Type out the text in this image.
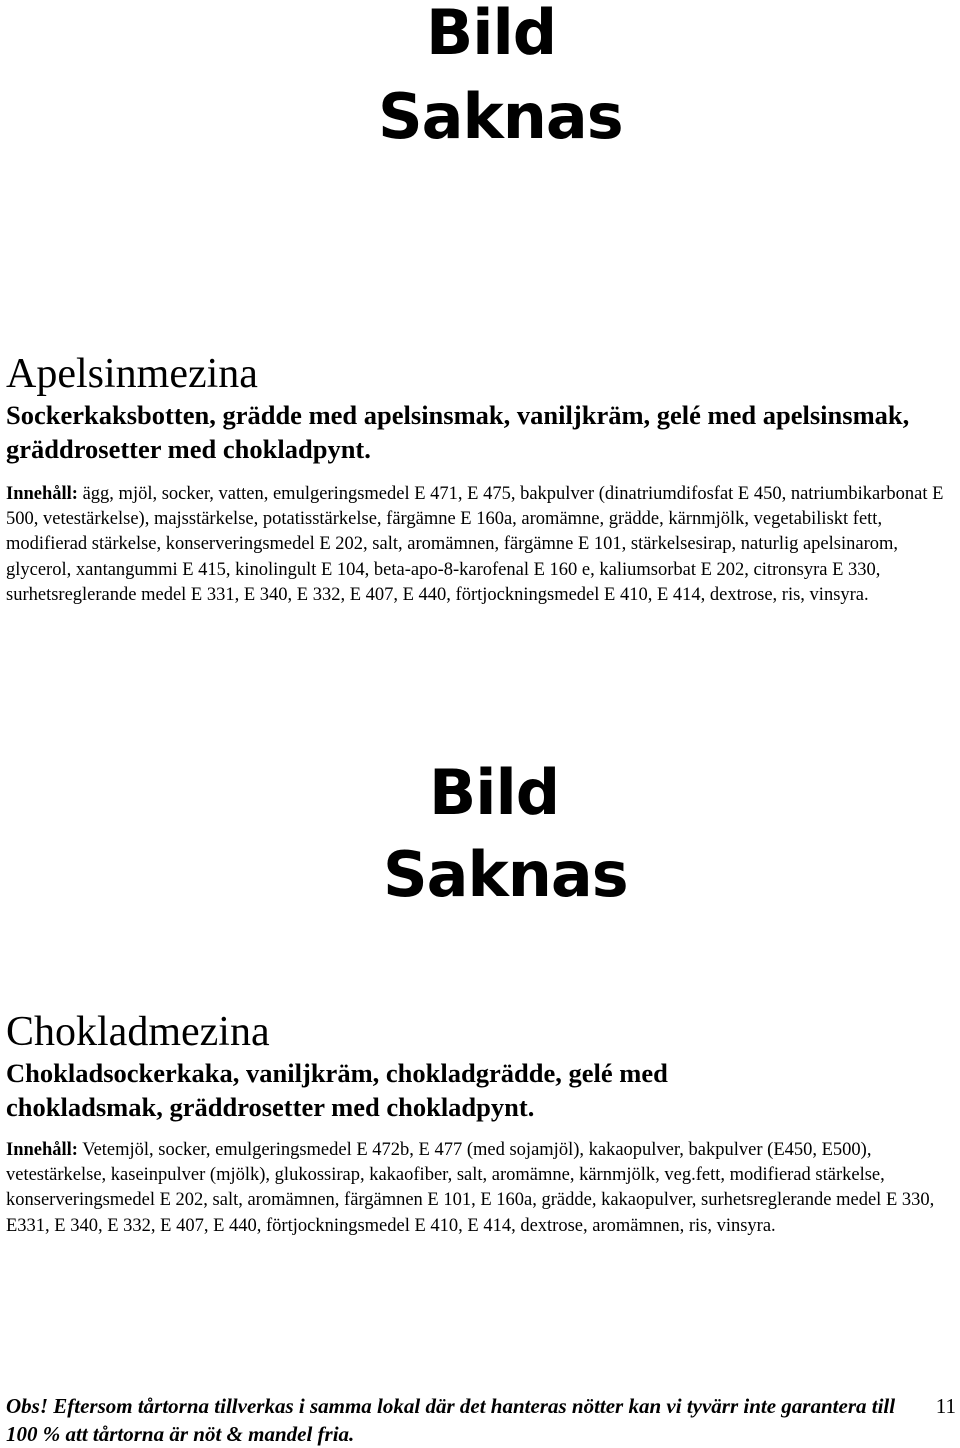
Bild
Saknas
Apelsinmezina

Sockerkaksbotten, grädde med apelsinsmak, vaniljkräm, gelé med apelsinsmak, gräddrosetter med chokladpynt.

Innehåll: ägg, mjöl, socker, vatten, emulgeringsmedel E 471, E 475, bakpulver (dinatriumdifosfat E 450, natriumbikarbonat E 500, vetestärkelse), majsstärkelse, potatisstärkelse, färgämne E 160a, aromämne, grädde, kärnmjölk, vegetabiliskt fett, modifierad stärkelse, konserveringsmedel E 202, salt, aromämnen, färgämne E 101, stärkelsesirap, naturlig apelsinarom, glycerol, xantangummi E 415, kinolingult E 104, beta-apo-8-karofenal E 160 e, kaliumsorbat E 202, citronsyra E 330, surhetsreglerande medel E 331, E 340, E 332, E 407, E 440, förtjockningsmedel E 410, E 414, dextrose, ris, vinsyra.

Bild
Saknas
Chokladmezina

Chokladsockerkaka, vaniljkräm, chokladgrädde, gelé med chokladsmak, gräddrosetter med chokladpynt.

Innehåll: Vetemjöl, socker, emulgeringsmedel E 472b, E 477 (med sojamjöl), kakaopulver, bakpulver (E450, E500), vetestärkelse, kaseinpulver (mjölk), glukossirap, kakaofiber, salt, aromämne, kärnmjölk, veg.fett, modifierad stärkelse, konserveringsmedel E 202, salt, aromämnen, färgämnen E 101, E 160a, grädde, kakaopulver, surhetsreglerande medel E 330, E331, E 340, E 332, E 407, E 440, förtjockningsmedel E 410, E 414, dextrose, aromämnen, ris, vinsyra.

Obs! Eftersom tårtorna tillverkas i samma lokal där det hanteras nötter kan vi tyvärr inte garantera till 100 % att tårtorna är nöt & mandel fria.

11
